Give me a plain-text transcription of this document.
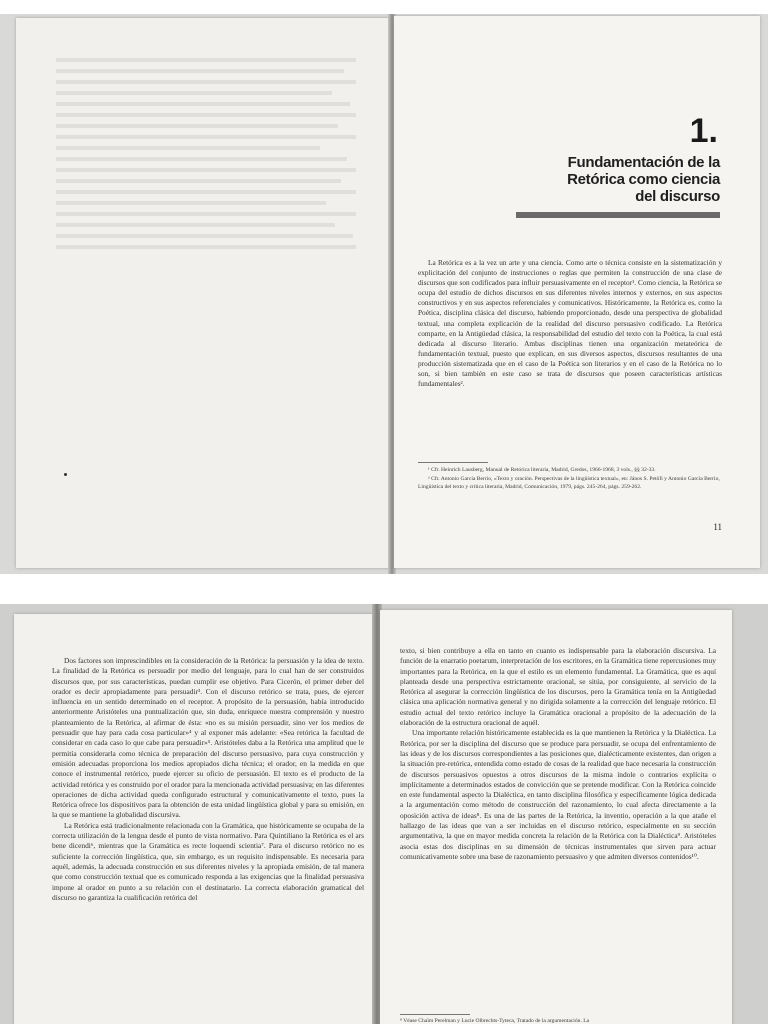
1.
Fundamentación de la
Retórica como ciencia
del discurso
La Retórica es a la vez un arte y una ciencia. Como arte o técnica consiste en la sistematización y explicitación del conjunto de instrucciones o reglas que permiten la construcción de una clase de discursos que son codificados para influir persuasivamente en el receptor¹. Como ciencia, la Retórica se ocupa del estudio de dichos discursos en sus diferentes niveles internos y externos, en sus aspectos constructivos y en sus aspectos referenciales y comunicativos. Históricamente, la Retórica es, como la Poética, disciplina clásica del discurso, habiendo proporcionado, desde una perspectiva de globalidad textual, una completa explicación de la realidad del discurso persuasivo codificado. La Retórica comparte, en la Antigüedad clásica, la responsabilidad del estudio del texto con la Poética, la cual está dedicada al discurso literario. Ambas disciplinas tienen una organización metateórica de fundamentación textual, puesto que explican, en sus diversos aspectos, discursos resultantes de una producción sistematizada que en el caso de la Poética son literarios y en el caso de la Retórica no lo son, si bien también en este caso se trata de discursos que poseen características artísticas fundamentales².
¹ Cfr. Heinrich Lausberg, Manual de Retórica literaria, Madrid, Gredos, 1966-1968, 3 vols., §§ 32-33.
² Cfr. Antonio García Berrio, «Texto y oración. Perspectivas de la lingüística textual», en: János S. Petöfi y Antonio García Berrio, Lingüística del texto y crítica literaria, Madrid, Comunicación, 1979, págs. 245-264, págs. 259-262.
11

Dos factores son imprescindibles en la consideración de la Retórica: la persuasión y la idea de texto. La finalidad de la Retórica es persuadir por medio del lenguaje, para lo cual han de ser construidos discursos que, por sus características, puedan cumplir ese objetivo. Para Cicerón, el primer deber del orador es decir apropiadamente para persuadir³. Con el discurso retórico se trata, pues, de ejercer influencia en un sentido determinado en el receptor. A propósito de la persuasión, había introducido anteriormente Aristóteles una puntualización que, sin duda, enriquece nuestra comprensión y nuestro planteamiento de la Retórica, al afirmar de ésta: «no es su misión persuadir, sino ver los medios de persuadir que hay para cada cosa particular»⁴ y al exponer más adelante: «Sea retórica la facultad de considerar en cada caso lo que cabe para persuadir»⁵. Aristóteles daba a la Retórica una amplitud que le permitía considerarla como técnica de preparación del discurso persuasivo, para cuya construcción y emisión adecuadas proporciona los medios apropiados dicha técnica; el orador, en la medida en que conoce el instrumental retórico, puede ejercer su oficio de persuasión. El texto es el producto de la actividad retórica y es construido por el orador para la mencionada actividad persuasiva; en las diferentes operaciones de dicha actividad queda configurado estructural y comunicativamente el texto, pues la Retórica ofrece los dispositivos para la obtención de esta unidad lingüística global y para su emisión, en la que se mantiene la globalidad discursiva.

La Retórica está tradicionalmente relacionada con la Gramática, que históricamente se ocupaba de la correcta utilización de la lengua desde el punto de vista normativo. Para Quintiliano la Retórica es el ars bene dicendi⁶, mientras que la Gramática es recte loquendi scientia⁷. Para el discurso retórico no es suficiente la corrección lingüística, que, sin embargo, es un requisito indispensable. Es necesaria para aquél, además, la adecuada construcción en sus diferentes niveles y la apropiada emisión, de tal manera que como construcción textual que es comunicado responda a las exigencias que la finalidad persuasiva impone al orador en punto a su relación con el destinatario. La correcta elaboración gramatical del discurso no garantiza la cualificación retórica del

texto, si bien contribuye a ella en tanto en cuanto es indispensable para la elaboración discursiva. La función de la enarratio poetarum, interpretación de los escritores, en la Gramática tiene repercusiones muy importantes para la Retórica, en la que el estilo es un elemento fundamental. La Gramática, que es aquí planteada desde una perspectiva estrictamente oracional, se sitúa, por consiguiente, al servicio de la Retórica al asegurar la corrección lingüística de los discursos, pero la Gramática tenía en la Antigüedad clásica una aplicación normativa general y no dirigida solamente a la corrección del lenguaje retórico. El estudio actual del texto retórico incluye la Gramática oracional a propósito de la adecuación de la elaboración de la estructura oracional de aquél.

Una importante relación históricamente establecida es la que mantienen la Retórica y la Dialéctica. La Retórica, por ser la disciplina del discurso que se produce para persuadir, se ocupa del enfrentamiento de las ideas y de los discursos correspondientes a las posiciones que, dialécticamente existentes, dan origen a la situación pre-retórica, entendida como estado de cosas de la realidad que hace necesaria la construcción de discursos persuasivos opuestos a otros discursos de la misma índole o contrarios explícita o implícitamente a determinados estados de convicción que se pretende modificar. Con la Retórica coincide en este fundamental aspecto la Dialéctica, en tanto disciplina filosófica y específicamente lógica dedicada a la argumentación como método de construcción del razonamiento, lo cual afecta directamente a la oposición activa de ideas⁸. Es una de las partes de la Retórica, la inventio, operación a la que atañe el hallazgo de las ideas que van a ser incluidas en el discurso retórico, especialmente en su sección argumentativa, la que en mayor medida concreta la relación de la Retórica con la Dialéctica⁹. Aristóteles asocia estas dos disciplinas en su dimensión de técnicas instrumentales que sirven para actuar comunicativamente sobre una base de razonamiento persuasivo y que admiten diversos contenidos¹⁰.

⁸ Véase Chaïm Perelman y Lucie Olbrechts-Tyteca, Tratado de la argumentación. La
